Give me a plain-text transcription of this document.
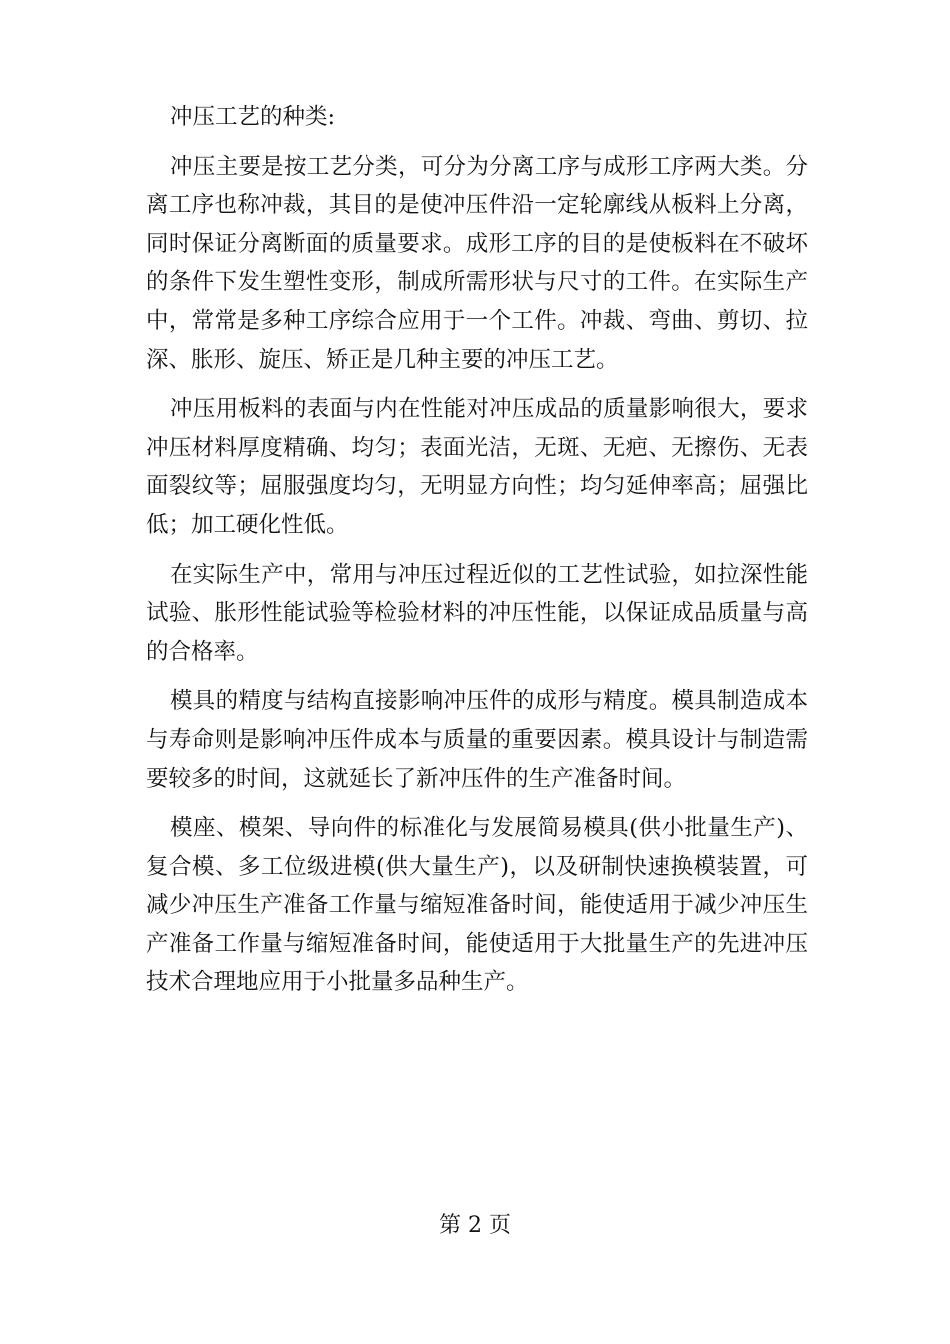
冲压工艺的种类:

冲压主要是按工艺分类，可分为分离工序与成形工序两大类。分离工序也称冲裁，其目的是使冲压件沿一定轮廓线从板料上分离，同时保证分离断面的质量要求。成形工序的目的是使板料在不破坏的条件下发生塑性变形，制成所需形状与尺寸的工件。在实际生产中，常常是多种工序综合应用于一个工件。冲裁、弯曲、剪切、拉深、胀形、旋压、矫正是几种主要的冲压工艺。

冲压用板料的表面与内在性能对冲压成品的质量影响很大，要求冲压材料厚度精确、均匀；表面光洁，无斑、无疤、无擦伤、无表面裂纹等；屈服强度均匀，无明显方向性；均匀延伸率高；屈强比低；加工硬化性低。

在实际生产中，常用与冲压过程近似的工艺性试验，如拉深性能试验、胀形性能试验等检验材料的冲压性能，以保证成品质量与高的合格率。

模具的精度与结构直接影响冲压件的成形与精度。模具制造成本与寿命则是影响冲压件成本与质量的重要因素。模具设计与制造需要较多的时间，这就延长了新冲压件的生产准备时间。

模座、模架、导向件的标准化与发展简易模具(供小批量生产)、复合模、多工位级进模(供大量生产)，以及研制快速换模装置，可减少冲压生产准备工作量与缩短准备时间，能使适用于减少冲压生产准备工作量与缩短准备时间，能使适用于大批量生产的先进冲压技术合理地应用于小批量多品种生产。

第 2 页
